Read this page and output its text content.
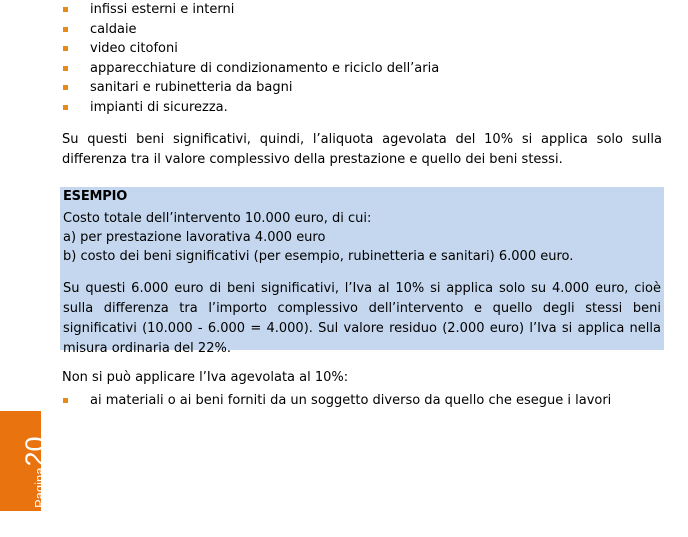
infissi esterni e interni
caldaie
video citofoni
apparecchiature di condizionamento e riciclo dell’aria
sanitari e rubinetteria da bagni
impianti di sicurezza.

Su questi beni significativi, quindi, l’aliquota agevolata del 10% si applica solo sulla differenza tra il valore complessivo della prestazione e quello dei beni stessi.

ESEMPIO
Costo totale dell’intervento 10.000 euro, di cui:
a) per prestazione lavorativa 4.000 euro
b) costo dei beni significativi (per esempio, rubinetteria e sanitari) 6.000 euro.

Su questi 6.000 euro di beni significativi, l’Iva al 10% si applica solo su 4.000 euro, cioè sulla differenza tra l’importo complessivo dell’intervento e quello degli stessi beni significativi (10.000 - 6.000 = 4.000). Sul valore residuo (2.000 euro) l’Iva si applica nella misura ordinaria del 22%.

Non si può applicare l’Iva agevolata al 10%:

ai materiali o ai beni forniti da un soggetto diverso da quello che esegue i lavori
Pagina20
